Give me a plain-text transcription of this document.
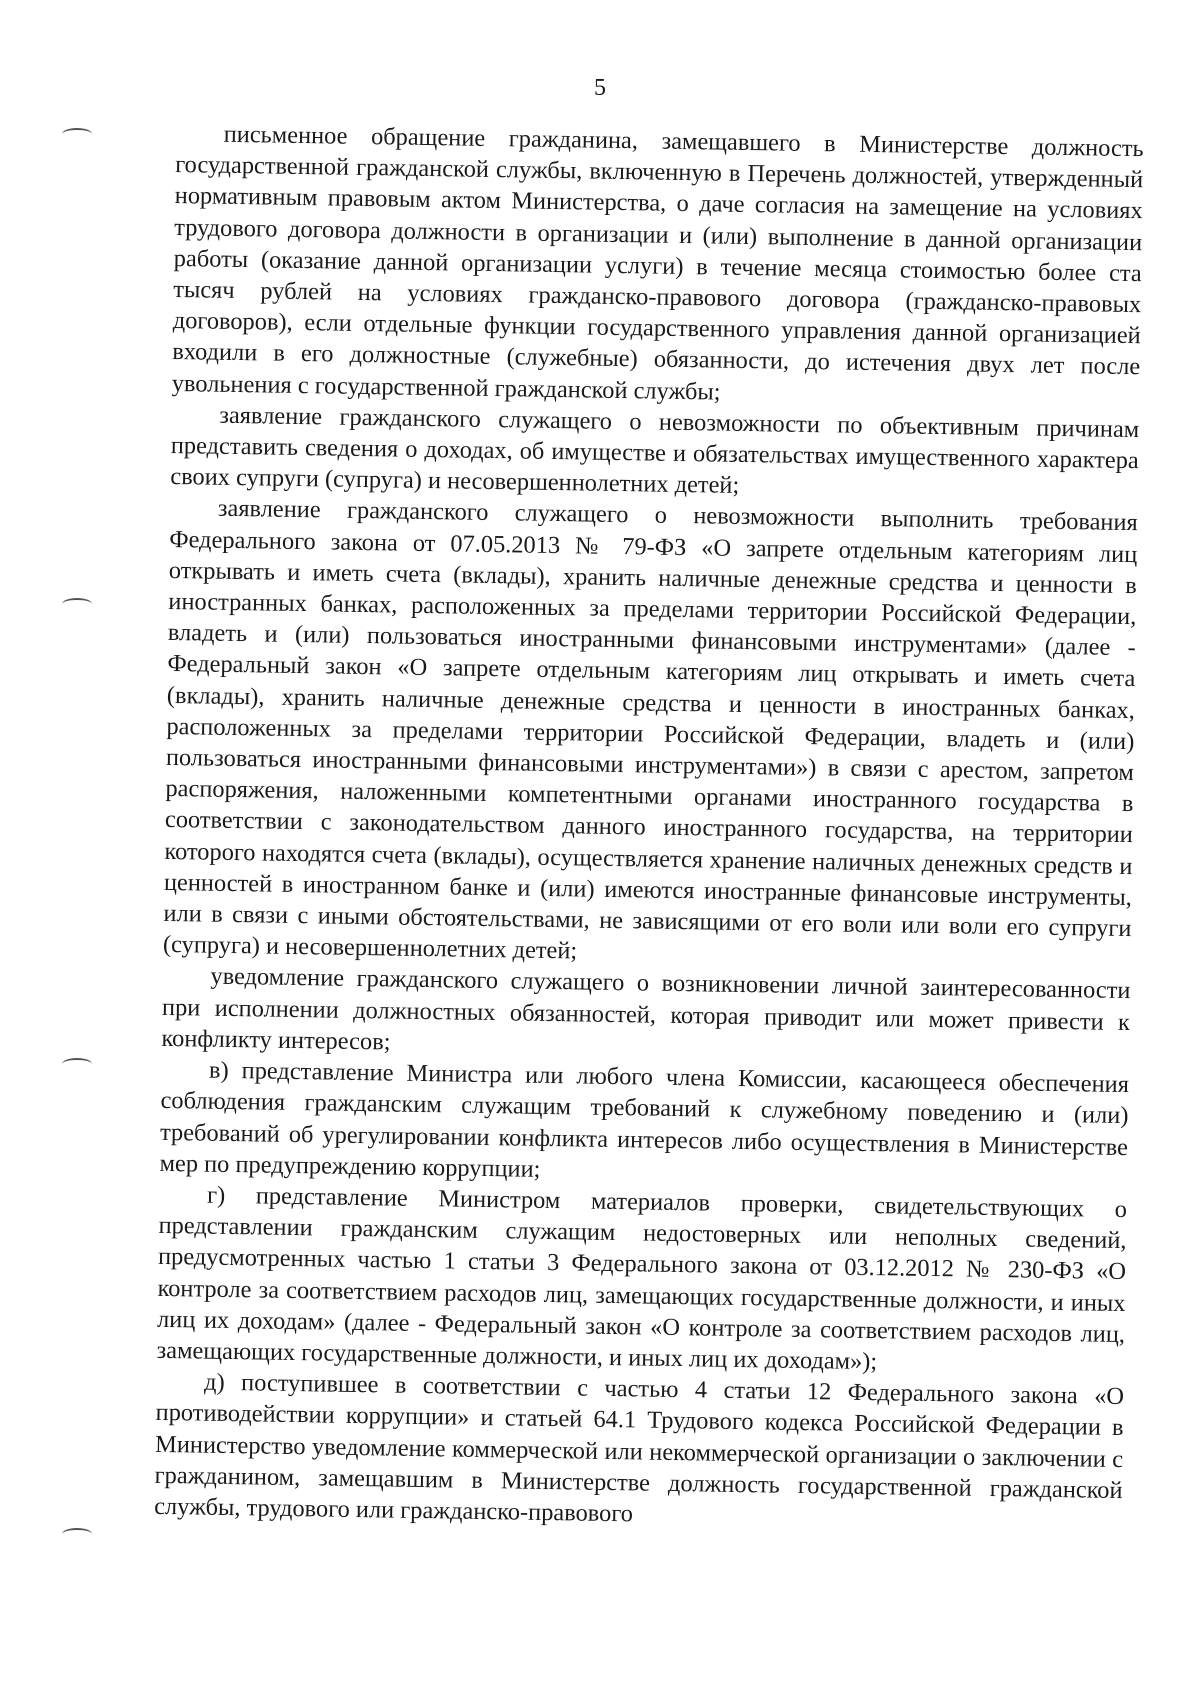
5

письменное обращение гражданина, замещавшего в Министерстве должность государственной гражданской службы, включенную в Перечень должностей, утвержденный нормативным правовым актом Министерства, о даче согласия на замещение на условиях трудового договора должности в организации и (или) выполнение в данной организации работы (оказание данной организации услуги) в течение месяца стоимостью более ста тысяч рублей на условиях гражданско-правового договора (гражданско-правовых договоров), если отдельные функции государственного управления данной организацией входили в его должностные (служебные) обязанности, до истечения двух лет после увольнения с государственной гражданской службы;

заявление гражданского служащего о невозможности по объективным причинам представить сведения о доходах, об имуществе и обязательствах имущественного характера своих супруги (супруга) и несовершеннолетних детей;

заявление гражданского служащего о невозможности выполнить требования Федерального закона от 07.05.2013 № 79-ФЗ «О запрете отдельным категориям лиц открывать и иметь счета (вклады), хранить наличные денежные средства и ценности в иностранных банках, расположенных за пределами территории Российской Федерации, владеть и (или) пользоваться иностранными финансовыми инструментами» (далее - Федеральный закон «О запрете отдельным категориям лиц открывать и иметь счета (вклады), хранить наличные денежные средства и ценности в иностранных банках, расположенных за пределами территории Российской Федерации, владеть и (или) пользоваться иностранными финансовыми инструментами») в связи с арестом, запретом распоряжения, наложенными компетентными органами иностранного государства в соответствии с законодательством данного иностранного государства, на территории которого находятся счета (вклады), осуществляется хранение наличных денежных средств и ценностей в иностранном банке и (или) имеются иностранные финансовые инструменты, или в связи с иными обстоятельствами, не зависящими от его воли или воли его супруги (супруга) и несовершеннолетних детей;

уведомление гражданского служащего о возникновении личной заинтересованности при исполнении должностных обязанностей, которая приводит или может привести к конфликту интересов;

в) представление Министра или любого члена Комиссии, касающееся обеспечения соблюдения гражданским служащим требований к служебному поведению и (или) требований об урегулировании конфликта интересов либо осуществления в Министерстве мер по предупреждению коррупции;

г) представление Министром материалов проверки, свидетельствующих о представлении гражданским служащим недостоверных или неполных сведений, предусмотренных частью 1 статьи 3 Федерального закона от 03.12.2012 № 230-ФЗ «О контроле за соответствием расходов лиц, замещающих государственные должности, и иных лиц их доходам» (далее - Федеральный закон «О контроле за соответствием расходов лиц, замещающих государственные должности, и иных лиц их доходам»);

д) поступившее в соответствии с частью 4 статьи 12 Федерального закона «О противодействии коррупции» и статьей 64.1 Трудового кодекса Российской Федерации в Министерство уведомление коммерческой или некоммерческой организации о заключении с гражданином, замещавшим в Министерстве должность государственной гражданской службы, трудового или гражданско-правового
